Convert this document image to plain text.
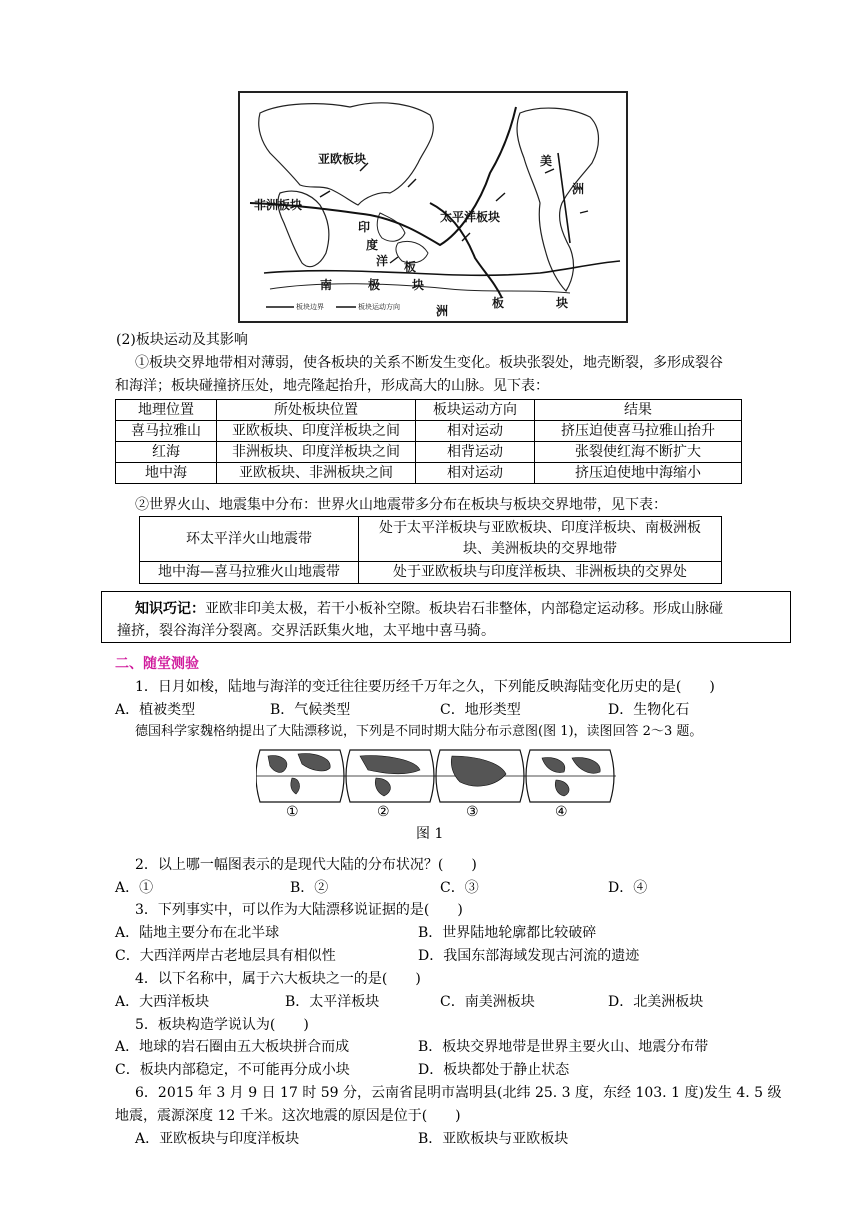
亚欧板块	美
洲
非洲板块
太平洋板块
印
度
洋 板
块
南	极
洲
板	块
板块边界	板块运动方向
(2)板块运动及其影响
①板块交界地带相对薄弱，使各板块的关系不断发生变化。板块张裂处，地壳断裂，多形成裂谷
和海洋；板块碰撞挤压处，地壳隆起抬升，形成高大的山脉。见下表：
地理位置	所处板块位置	板块运动方向	结果
喜马拉雅山	亚欧板块、印度洋板块之间	相对运动	挤压迫使喜马拉雅山抬升
红海	非洲板块、印度洋板块之间	相背运动	张裂使红海不断扩大
地中海	亚欧板块、非洲板块之间	相对运动	挤压迫使地中海缩小
②世界火山、地震集中分布：世界火山地震带多分布在板块与板块交界地带，见下表：
环太平洋火山地震带	处于太平洋板块与亚欧板块、印度洋板块、南极洲板
块、美洲板块的交界地带
地中海—喜马拉雅火山地震带	处于亚欧板块与印度洋板块、非洲板块的交界处
知识巧记：亚欧非印美太极，若干小板补空隙。板块岩石非整体，内部稳定运动移。形成山脉碰
撞挤，裂谷海洋分裂离。交界活跃集火地，太平地中喜马骑。
二、随堂测验
1．日月如梭，陆地与海洋的变迁往往要历经千万年之久，下列能反映海陆变化历史的是(　　)
A．植被类型	B．气候类型	C．地形类型	D．生物化石
德国科学家魏格纳提出了大陆漂移说，下列是不同时期大陆分布示意图(图 1)，读图回答 2～3 题。
①	②	③	④
图 1
2．以上哪一幅图表示的是现代大陆的分布状况？(　　)
A．①	B．②	C．③	D．④
3．下列事实中，可以作为大陆漂移说证据的是(　　)
A．陆地主要分布在北半球	B．世界陆地轮廓都比较破碎
C．大西洋两岸古老地层具有相似性	D．我国东部海域发现古河流的遗迹
4．以下名称中，属于六大板块之一的是(　　)
A．大西洋板块	B．太平洋板块	C．南美洲板块	D．北美洲板块
5．板块构造学说认为(　　)
A．地球的岩石圈由五大板块拼合而成	B．板块交界地带是世界主要火山、地震分布带
C．板块内部稳定，不可能再分成小块	D．板块都处于静止状态
6．2015 年 3 月 9 日 17 时 59 分，云南省昆明市嵩明县(北纬 25. 3 度，东经 103. 1 度)发生 4. 5 级
地震，震源深度 12 千米。这次地震的原因是位于(　　)
A．亚欧板块与印度洋板块	B．亚欧板块与亚欧板块
